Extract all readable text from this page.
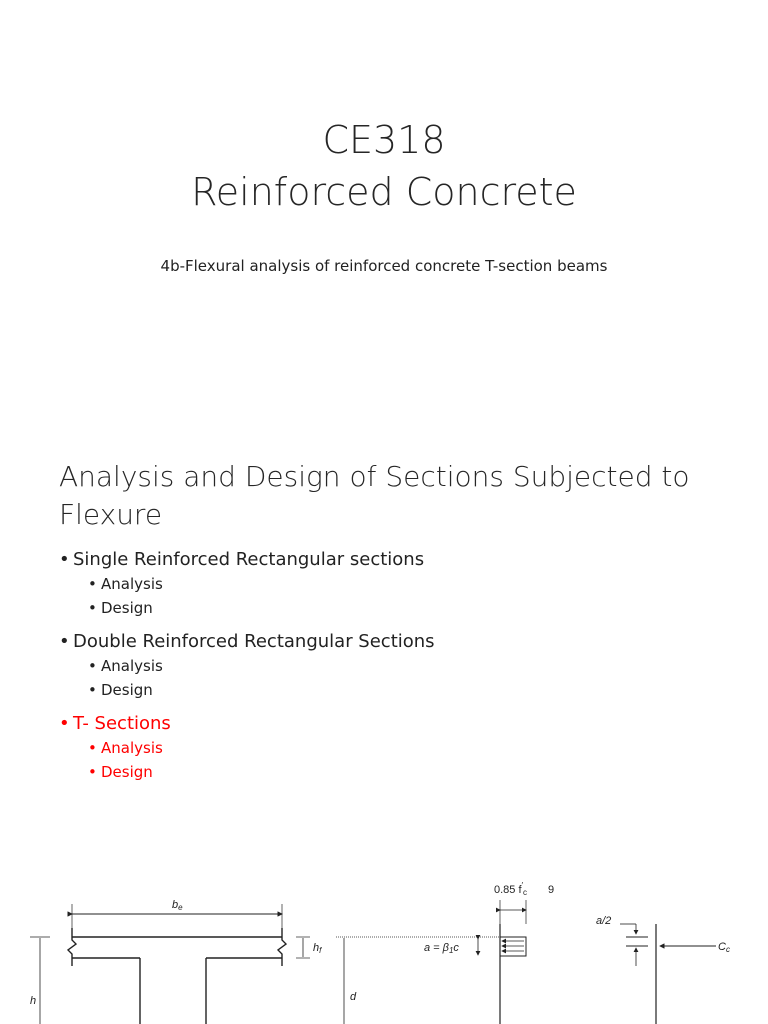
CE318
Reinforced Concrete
4b-Flexural analysis of reinforced concrete T-section beams
Analysis and Design of Sections Subjected to
Flexure
• Single Reinforced Rectangular sections
• Analysis
• Design
• Double Reinforced Rectangular Sections
• Analysis
• Design
• T- Sections
• Analysis
• Design
be
hf
h	d
0.85 $f'_c$ 9
a = β1c
a/2
Cc
